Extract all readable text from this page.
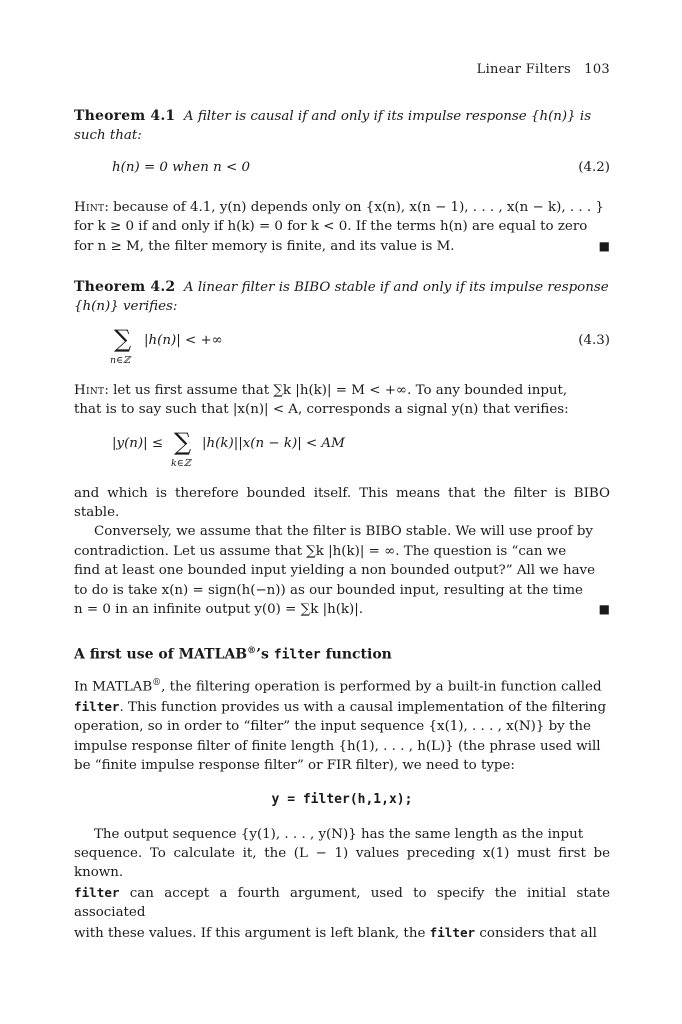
Linear Filters 103

Theorem 4.1 A filter is causal if and only if its impulse response {h(n)} is

such that:

h(n) = 0 when n < 0	(4.2)

Hint: because of 4.1, y(n) depends only on {x(n), x(n − 1), . . . , x(n − k), . . . }

for k ≥ 0 if and only if h(k) = 0 for k < 0. If the terms h(n) are equal to zero

■
for n ≥ M, the filter memory is finite, and its value is M.

Theorem 4.2 A linear filter is BIBO stable if and only if its impulse response

{h(n)} verifies:

∑
n∈ℤ
|h(n)| < +∞	(4.3)

Hint: let us first assume that ∑k |h(k)| = M < +∞. To any bounded input,

that is to say such that |x(n)| < A, corresponds a signal y(n) that verifies:

|y(n)| ≤ ∑
k∈ℤ
|h(k)||x(n − k)| < AM

and which is therefore bounded itself. This means that the filter is BIBO stable.

Conversely, we assume that the filter is BIBO stable. We will use proof by

contradiction. Let us assume that ∑k |h(k)| = ∞. The question is “can we

find at least one bounded input yielding a non bounded output?” All we have

to do is take x(n) = sign(h(−n)) as our bounded input, resulting at the time

■
n = 0 in an infinite output y(0) = ∑k |h(k)|.

A first use of MATLAB®’s filter function

In MATLAB®, the filtering operation is performed by a built-in function called

filter. This function provides us with a causal implementation of the filtering

operation, so in order to “filter” the input sequence {x(1), . . . , x(N)} by the

impulse response filter of finite length {h(1), . . . , h(L)} (the phrase used will

be “finite impulse response filter” or FIR filter), we need to type:

y = filter(h,1,x);

The output sequence {y(1), . . . , y(N)} has the same length as the input

sequence. To calculate it, the (L − 1) values preceding x(1) must first be known.

filter can accept a fourth argument, used to specify the initial state associated

with these values. If this argument is left blank, the filter considers that all
